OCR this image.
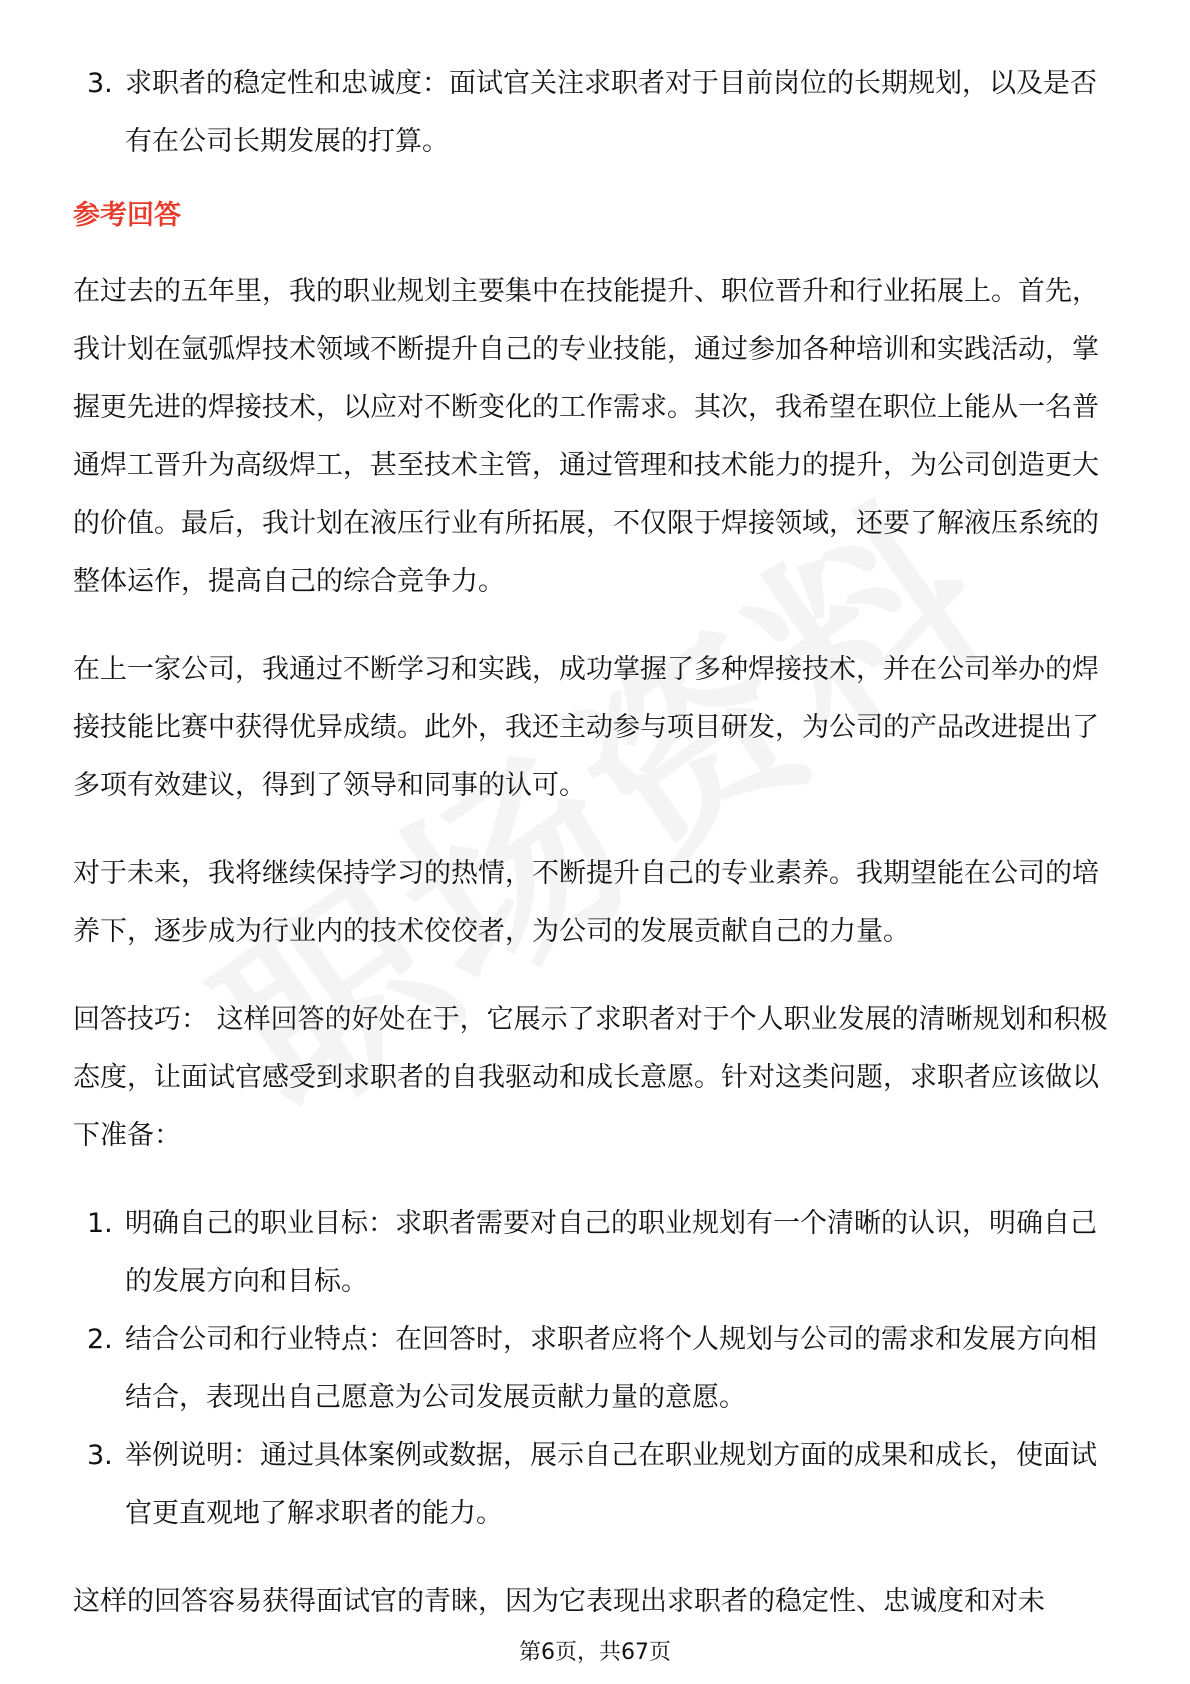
3. 求职者的稳定性和忠诚度：面试官关注求职者对于目前岗位的长期规划，以及是否有在公司长期发展的打算。
参考回答

在过去的五年里，我的职业规划主要集中在技能提升、职位晋升和行业拓展上。首先，我计划在氩弧焊技术领域不断提升自己的专业技能，通过参加各种培训和实践活动，掌握更先进的焊接技术，以应对不断变化的工作需求。其次，我希望在职位上能从一名普通焊工晋升为高级焊工，甚至技术主管，通过管理和技术能力的提升，为公司创造更大的价值。最后，我计划在液压行业有所拓展，不仅限于焊接领域，还要了解液压系统的整体运作，提高自己的综合竞争力。

在上一家公司，我通过不断学习和实践，成功掌握了多种焊接技术，并在公司举办的焊接技能比赛中获得优异成绩。此外，我还主动参与项目研发，为公司的产品改进提出了多项有效建议，得到了领导和同事的认可。

对于未来，我将继续保持学习的热情，不断提升自己的专业素养。我期望能在公司的培养下，逐步成为行业内的技术佼佼者，为公司的发展贡献自己的力量。

回答技巧： 这样回答的好处在于，它展示了求职者对于个人职业发展的清晰规划和积极态度，让面试官感受到求职者的自我驱动和成长意愿。针对这类问题，求职者应该做以下准备：

1. 明确自己的职业目标：求职者需要对自己的职业规划有一个清晰的认识，明确自己的发展方向和目标。
2. 结合公司和行业特点：在回答时，求职者应将个人规划与公司的需求和发展方向相结合，表现出自己愿意为公司发展贡献力量的意愿。
3. 举例说明：通过具体案例或数据，展示自己在职业规划方面的成果和成长，使面试官更直观地了解求职者的能力。

这样的回答容易获得面试官的青睐，因为它表现出求职者的稳定性、忠诚度和对未

第6页，共67页
